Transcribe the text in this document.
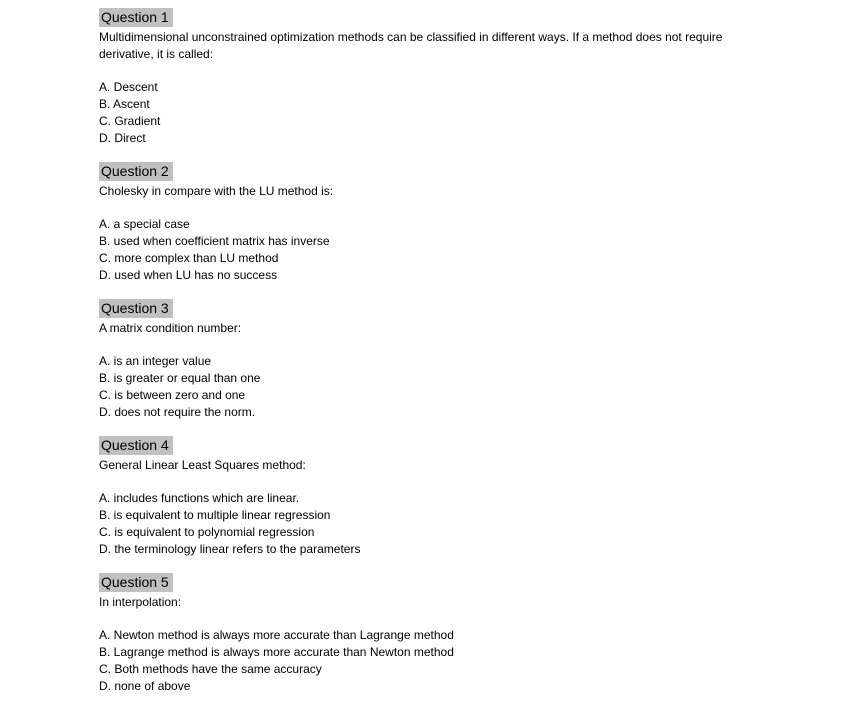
Question 1

Multidimensional unconstrained optimization methods can be classified in different ways. If a method does not require derivative, it is called:

A. Descent
B. Ascent
C. Gradient
D. Direct
Question 2

Cholesky in compare with the LU method is:

A. a special case
B. used when coefficient matrix has inverse
C. more complex than LU method
D. used when LU has no success
Question 3

A matrix condition number:

A. is an integer value
B. is greater or equal than one
C. is between zero and one
D. does not require the norm.
Question 4

General Linear Least Squares method:

A. includes functions which are linear.
B. is equivalent to multiple linear regression
C. is equivalent to polynomial regression
D. the terminology linear refers to the parameters
Question 5

In interpolation:

A. Newton method is always more accurate than Lagrange method
B. Lagrange method is always more accurate than Newton method
C. Both methods have the same accuracy
D. none of above
